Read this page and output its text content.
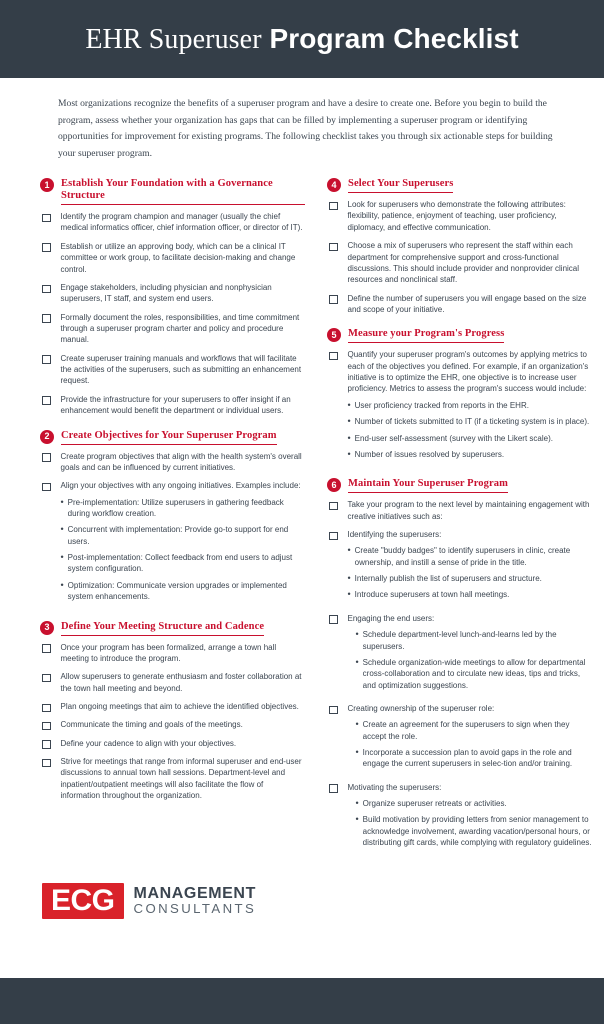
EHR Superuser Program Checklist
Most organizations recognize the benefits of a superuser program and have a desire to create one. Before you begin to build the program, assess whether your organization has gaps that can be filled by implementing a superuser program or identifying opportunities for improvement for existing programs. The following checklist takes you through six actionable steps for building your superuser program.
1	Establish Your Foundation with a Governance Structure
Identify the program champion and manager (usually the chief medical informatics officer, chief information officer, or director of IT).
Establish or utilize an approving body, which can be a clinical IT committee or work group, to facilitate decision-making and change control.
Engage stakeholders, including physician and nonphysician superusers, IT staff, and system end users.
Formally document the roles, responsibilities, and time commitment through a superuser program charter and policy and procedure manual.
Create superuser training manuals and workflows that will facilitate the activities of the superusers, such as submitting an enhancement request.
Provide the infrastructure for your superusers to offer insight if an enhancement would benefit the department or individual users.
2	Create Objectives for Your Superuser Program
Create program objectives that align with the health system's overall goals and can be influenced by current initiatives.
Align your objectives with any ongoing initiatives. Examples include:
• Pre-implementation: Utilize superusers in gathering feedback during workflow creation.
• Concurrent with implementation: Provide go-to support for end users.
• Post-implementation: Collect feedback from end users to adjust system configuration.
• Optimization: Communicate version upgrades or implemented system enhancements.
3	Define Your Meeting Structure and Cadence
Once your program has been formalized, arrange a town hall meeting to introduce the program.
Allow superusers to generate enthusiasm and foster collaboration at the town hall meeting and beyond.
Plan ongoing meetings that aim to achieve the identified objectives.
Communicate the timing and goals of the meetings.
Define your cadence to align with your objectives.
Strive for meetings that range from informal superuser and end-user discussions to annual town hall sessions. Department-level and inpatient/outpatient meetings will also facilitate the flow of information throughout the organization.
4	Select Your Superusers
Look for superusers who demonstrate the following attributes: flexibility, patience, enjoyment of teaching, user proficiency, diplomacy, and effective communication.
Choose a mix of superusers who represent the staff within each department for comprehensive support and cross-functional discussions. This should include provider and nonprovider clinical resources and nonclinical staff.
Define the number of superusers you will engage based on the size and scope of your initiative.
5	Measure your Program's Progress
Quantify your superuser program's outcomes by applying metrics to each of the objectives you defined. For example, if an organization's initiative is to optimize the EHR, one objective is to increase user proficiency. Metrics to assess the program's success would include:
• User proficiency tracked from reports in the EHR.
• Number of tickets submitted to IT (if a ticketing system is in place).
• End-user self-assessment (survey with the Likert scale).
• Number of issues resolved by superusers.
6	Maintain Your Superuser Program
Take your program to the next level by maintaining engagement with creative initiatives such as:
Identifying the superusers:
• Create "buddy badges" to identify superusers in clinic, create ownership, and instill a sense of pride in the title.
• Internally publish the list of superusers and structure.
• Introduce superusers at town hall meetings.
Engaging the end users:
• Schedule department-level lunch-and-learns led by the superusers.
• Schedule organization-wide meetings to allow for departmental cross-collaboration and to circulate new ideas, tips and tricks, and optimization suggestions.
Creating ownership of the superuser role:
• Create an agreement for the superusers to sign when they accept the role.
• Incorporate a succession plan to avoid gaps in the role and engage the current superusers in selec-tion and/or training.
Motivating the superusers:
• Organize superuser retreats or activities.
• Build motivation by providing letters from senior management to acknowledge involvement, awarding vacation/personal hours, or distributing gift cards, while complying with regulatory guidelines.
ECG	MANAGEMENT
CONSULTANTS
